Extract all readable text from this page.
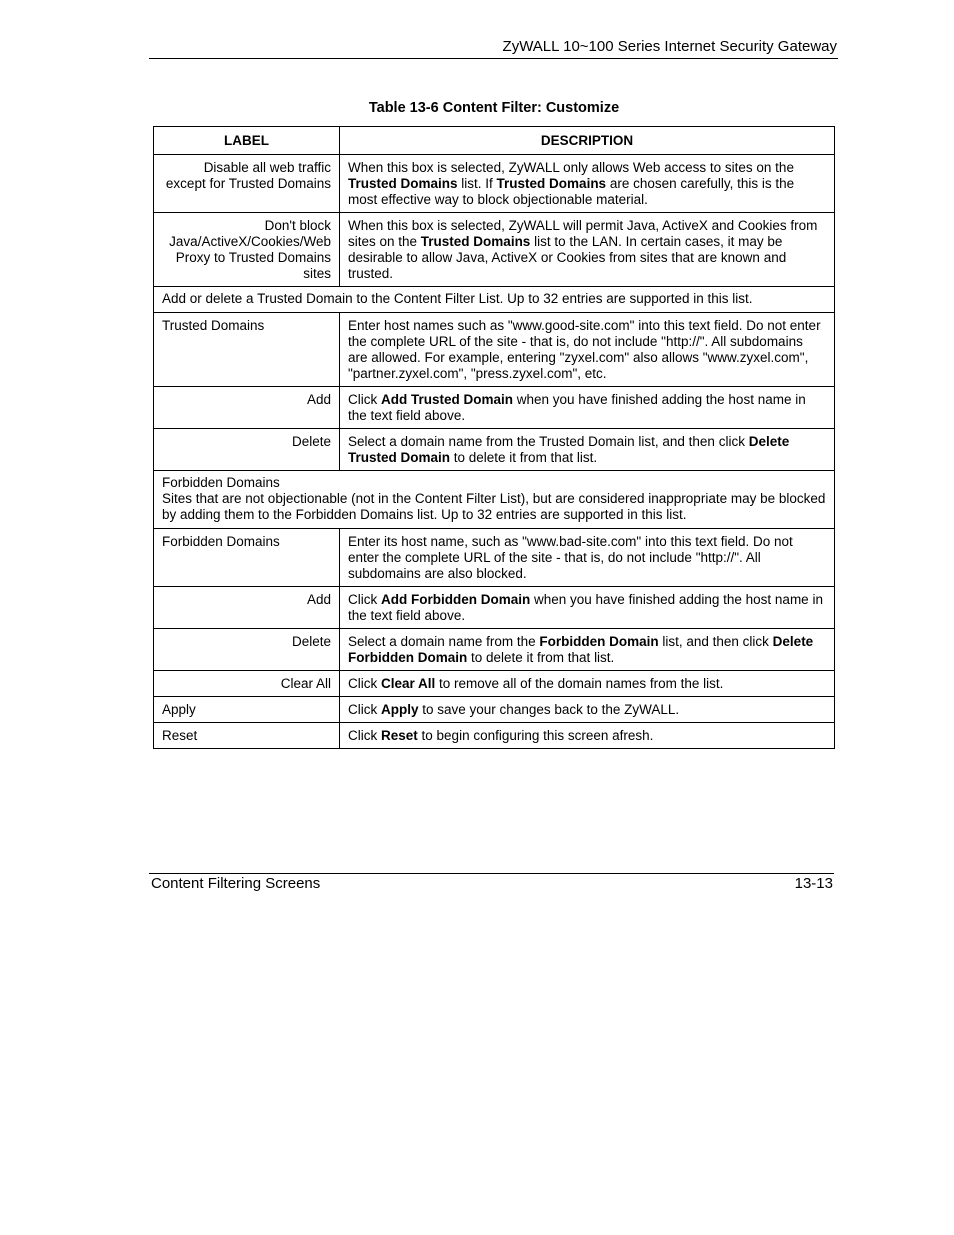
ZyWALL 10~100 Series Internet Security Gateway
Table 13-6 Content Filter: Customize
LABEL	DESCRIPTION
Disable all web traffic except for Trusted Domains	When this box is selected, ZyWALL only allows Web access to sites on the Trusted Domains list. If Trusted Domains are chosen carefully, this is the most effective way to block objectionable material.
Don't block Java/ActiveX/Cookies/Web Proxy to Trusted Domains sites	When this box is selected, ZyWALL will permit Java, ActiveX and Cookies from sites on the Trusted Domains list to the LAN. In certain cases, it may be desirable to allow Java, ActiveX or Cookies from sites that are known and trusted.

Add or delete a Trusted Domain to the Content Filter List. Up to 32 entries are supported in this list.	

Trusted Domains	Enter host names such as "www.good-site.com" into this text field. Do not enter the complete URL of the site - that is, do not include "http://". All subdomains are allowed. For example, entering "zyxel.com" also allows "www.zyxel.com", "partner.zyxel.com", "press.zyxel.com", etc.
Add	Click Add Trusted Domain when you have finished adding the host name in the text field above.
Delete	Select a domain name from the Trusted Domain list, and then click Delete Trusted Domain to delete it from that list.

Forbidden Domains
Sites that are not objectionable (not in the Content Filter List), but are considered inappropriate may be blocked by adding them to the Forbidden Domains list. Up to 32 entries are supported in this list.	

Forbidden Domains	Enter its host name, such as "www.bad-site.com" into this text field. Do not enter the complete URL of the site - that is, do not include "http://". All subdomains are also blocked.
Add	Click Add Forbidden Domain when you have finished adding the host name in the text field above.
Delete	Select a domain name from the Forbidden Domain list, and then click Delete Forbidden Domain to delete it from that list.
Clear All	Click Clear All to remove all of the domain names from the list.
Apply	Click Apply to save your changes back to the ZyWALL.
Reset	Click Reset to begin configuring this screen afresh.
Content Filtering Screens	13-13
